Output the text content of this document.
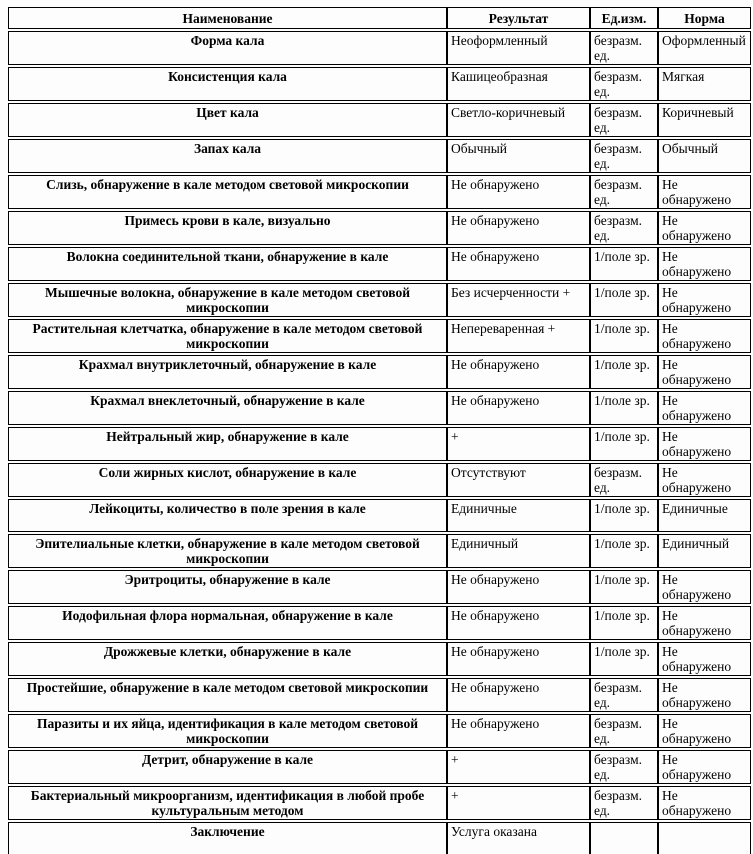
Наименование	Результат	Ед.изм.	Норма
Форма кала	Неоформленный	безразм. ед.	Оформленный
Консистенция кала	Кашицеобразная	безразм. ед.	Мягкая
Цвет кала	Светло-коричневый	безразм. ед.	Коричневый
Запах кала	Обычный	безразм. ед.	Обычный
Слизь, обнаружение в кале методом световой микроскопии	Не обнаружено	безразм. ед.	Не обнаружено
Примесь крови в кале, визуально	Не обнаружено	безразм. ед.	Не обнаружено
Волокна соединительной ткани, обнаружение в кале	Не обнаружено	1/поле зр.	Не обнаружено
Мышечные волокна, обнаружение в кале методом световой микроскопии	Без исчерченности +	1/поле зр.	Не обнаружено
Растительная клетчатка, обнаружение в кале методом световой микроскопии	Непереваренная +	1/поле зр.	Не обнаружено
Крахмал внутриклеточный, обнаружение в кале	Не обнаружено	1/поле зр.	Не обнаружено
Крахмал внеклеточный, обнаружение в кале	Не обнаружено	1/поле зр.	Не обнаружено
Нейтральный жир, обнаружение в кале	+	1/поле зр.	Не обнаружено
Соли жирных кислот, обнаружение в кале	Отсутствуют	безразм. ед.	Не обнаружено
Лейкоциты, количество в поле зрения в кале	Единичные	1/поле зр.	Единичные
Эпителиальные клетки, обнаружение в кале методом световой микроскопии	Единичный	1/поле зр.	Единичный
Эритроциты, обнаружение в кале	Не обнаружено	1/поле зр.	Не обнаружено
Иодофильная флора нормальная, обнаружение в кале	Не обнаружено	1/поле зр.	Не обнаружено
Дрожжевые клетки, обнаружение в кале	Не обнаружено	1/поле зр.	Не обнаружено
Простейшие, обнаружение в кале методом световой микроскопии	Не обнаружено	безразм. ед.	Не обнаружено
Паразиты и их яйца, идентификация в кале методом световой микроскопии	Не обнаружено	безразм. ед.	Не обнаружено
Детрит, обнаружение в кале	+	безразм. ед.	Не обнаружено
Бактериальный микроорганизм, идентификация в любой пробе культуральным методом	+	безразм. ед.	Не обнаружено
Заключение	Услуга оказана		
